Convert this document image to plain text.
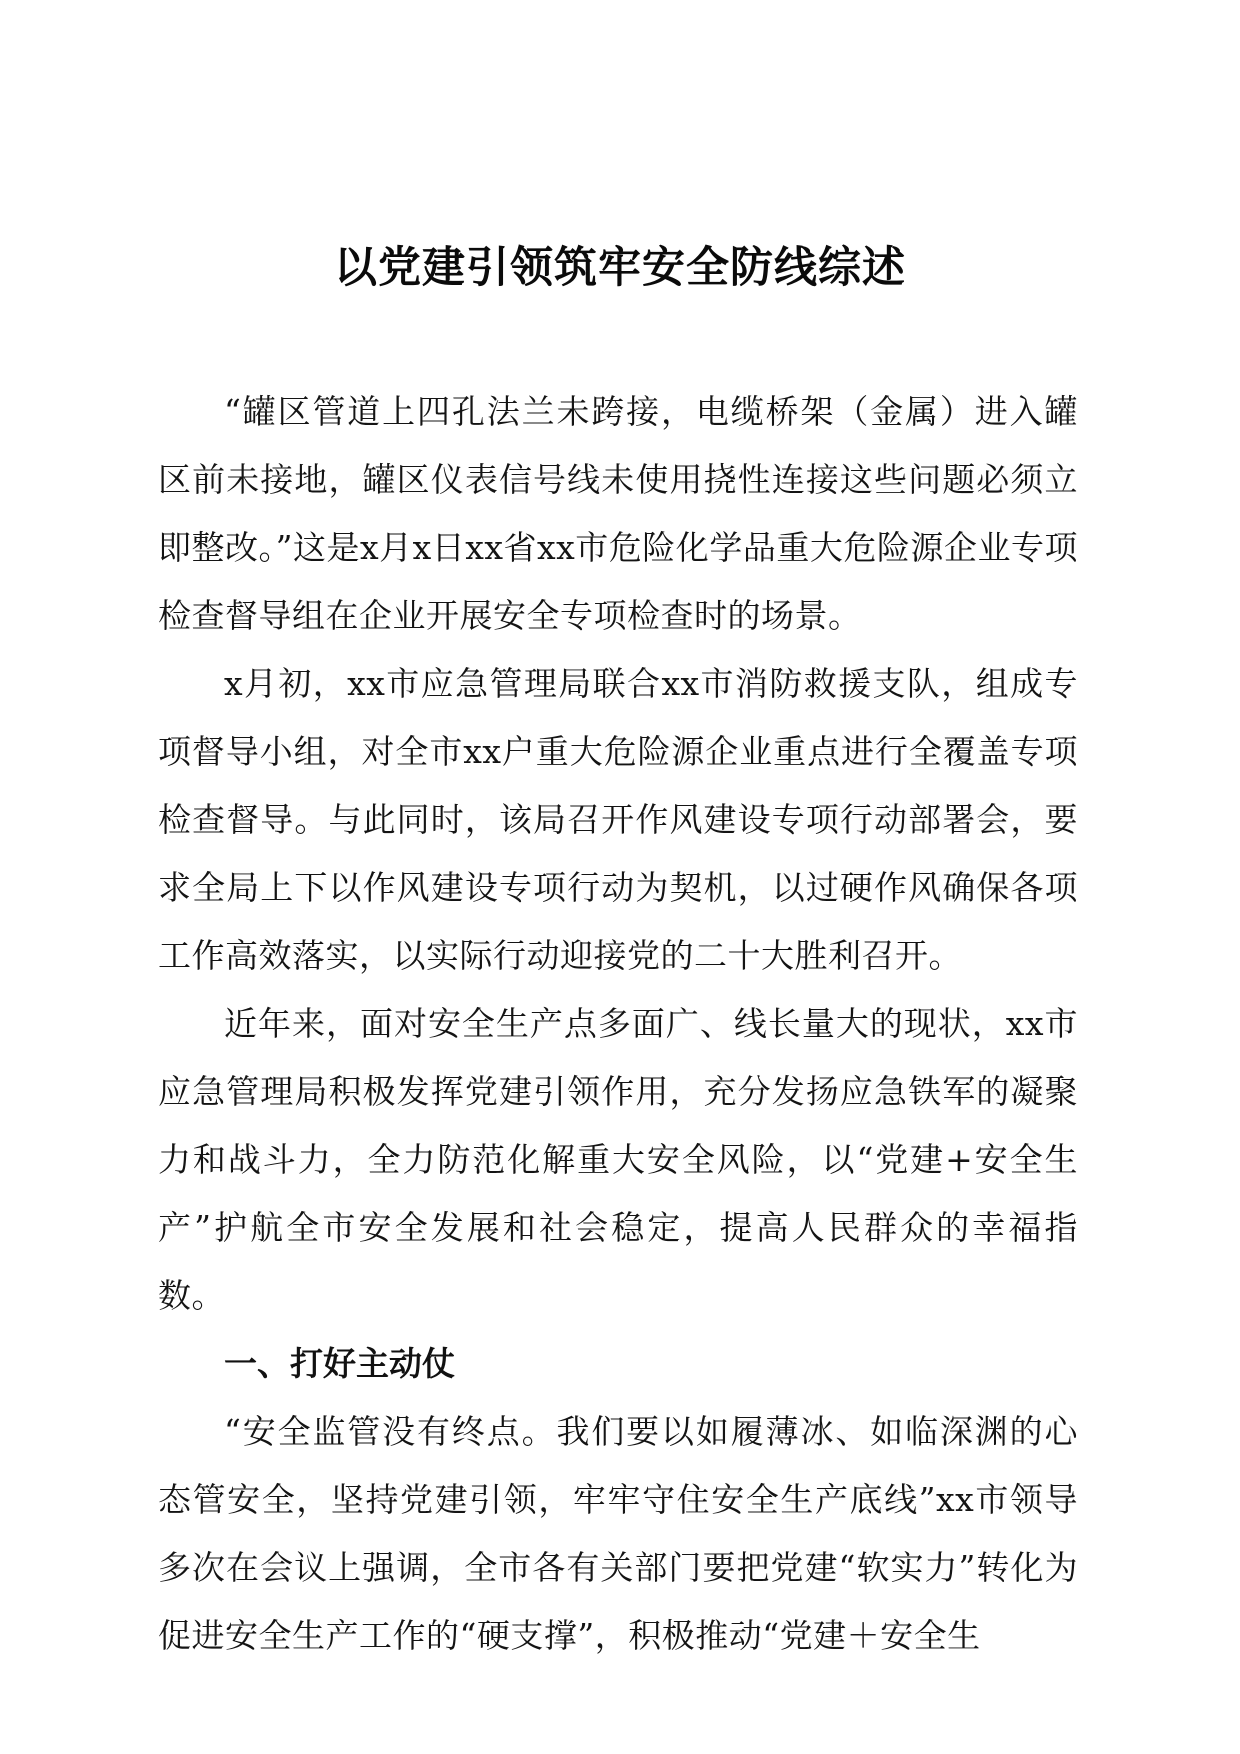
以党建引领筑牢安全防线综述

“罐区管道上四孔法兰未跨接，电缆桥架（金属）进入罐区前未接地，罐区仪表信号线未使用挠性连接这些问题必须立即整改。”这是x月x日xx省xx市危险化学品重大危险源企业专项检查督导组在企业开展安全专项检查时的场景。

x月初，xx市应急管理局联合xx市消防救援支队，组成专项督导小组，对全市xx户重大危险源企业重点进行全覆盖专项检查督导。与此同时，该局召开作风建设专项行动部署会，要求全局上下以作风建设专项行动为契机，以过硬作风确保各项工作高效落实，以实际行动迎接党的二十大胜利召开。

近年来，面对安全生产点多面广、线长量大的现状，xx市应急管理局积极发挥党建引领作用，充分发扬应急铁军的凝聚力和战斗力，全力防范化解重大安全风险，以“党建+安全生产”护航全市安全发展和社会稳定，提高人民群众的幸福指数。

一、打好主动仗

“安全监管没有终点。我们要以如履薄冰、如临深渊的心态管安全，坚持党建引领，牢牢守住安全生产底线”xx市领导多次在会议上强调，全市各有关部门要把党建“软实力”转化为促进安全生产工作的“硬支撑”，积极推动“党建＋安全生
